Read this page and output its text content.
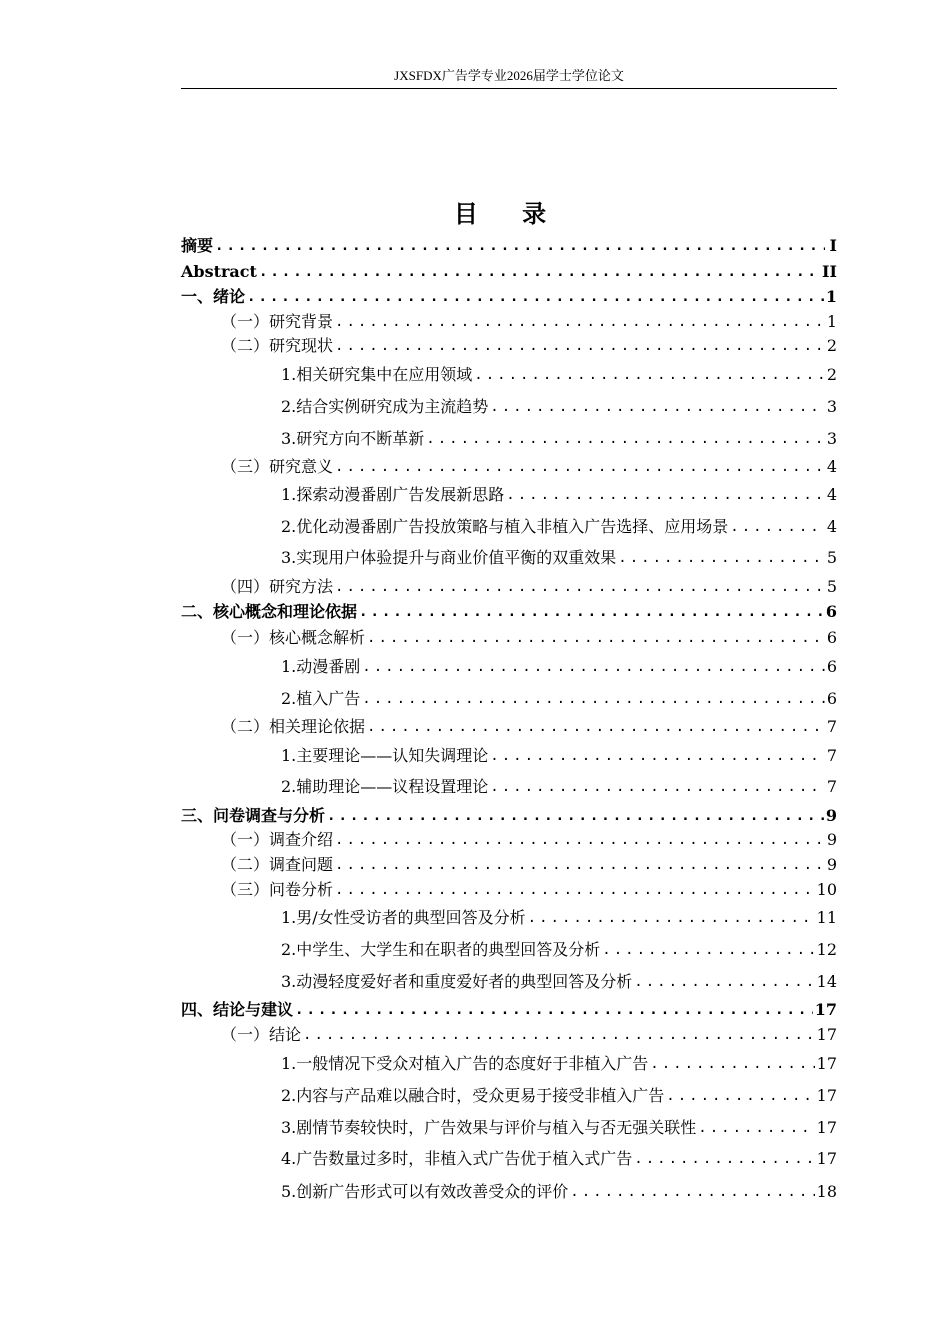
JXSFDX广告学专业2026届学士学位论文
目 录
摘要 .....	I
Abstract .....	II
一、绪论 .....	1
（一）研究背景 .....	1
（二）研究现状 .....	2
1.相关研究集中在应用领域 .....	2
2.结合实例研究成为主流趋势 .....	3
3.研究方向不断革新 .....	3
（三）研究意义 .....	4
1.探索动漫番剧广告发展新思路 .....	4
2.优化动漫番剧广告投放策略与植入非植入广告选择、应用场景 .....	4
3.实现用户体验提升与商业价值平衡的双重效果 .....	5
（四）研究方法 .....	5
二、核心概念和理论依据 .....	6
（一）核心概念解析 .....	6
1.动漫番剧 .....	6
2.植入广告 .....	6
（二）相关理论依据 .....	7
1.主要理论——认知失调理论 .....	7
2.辅助理论——议程设置理论 .....	7
三、问卷调查与分析 .....	9
（一）调查介绍 .....	9
（二）调查问题 .....	9
（三）问卷分析 .....	10
1.男/女性受访者的典型回答及分析 .....	11
2.中学生、大学生和在职者的典型回答及分析 .....	12
3.动漫轻度爱好者和重度爱好者的典型回答及分析 .....	14
四、结论与建议 .....	17
（一）结论 .....	17
1.一般情况下受众对植入广告的态度好于非植入广告 .....	17
2.内容与产品难以融合时，受众更易于接受非植入广告 .....	17
3.剧情节奏较快时，广告效果与评价与植入与否无强关联性 .....	17
4.广告数量过多时，非植入式广告优于植入式广告 .....	17
5.创新广告形式可以有效改善受众的评价 .....	18
